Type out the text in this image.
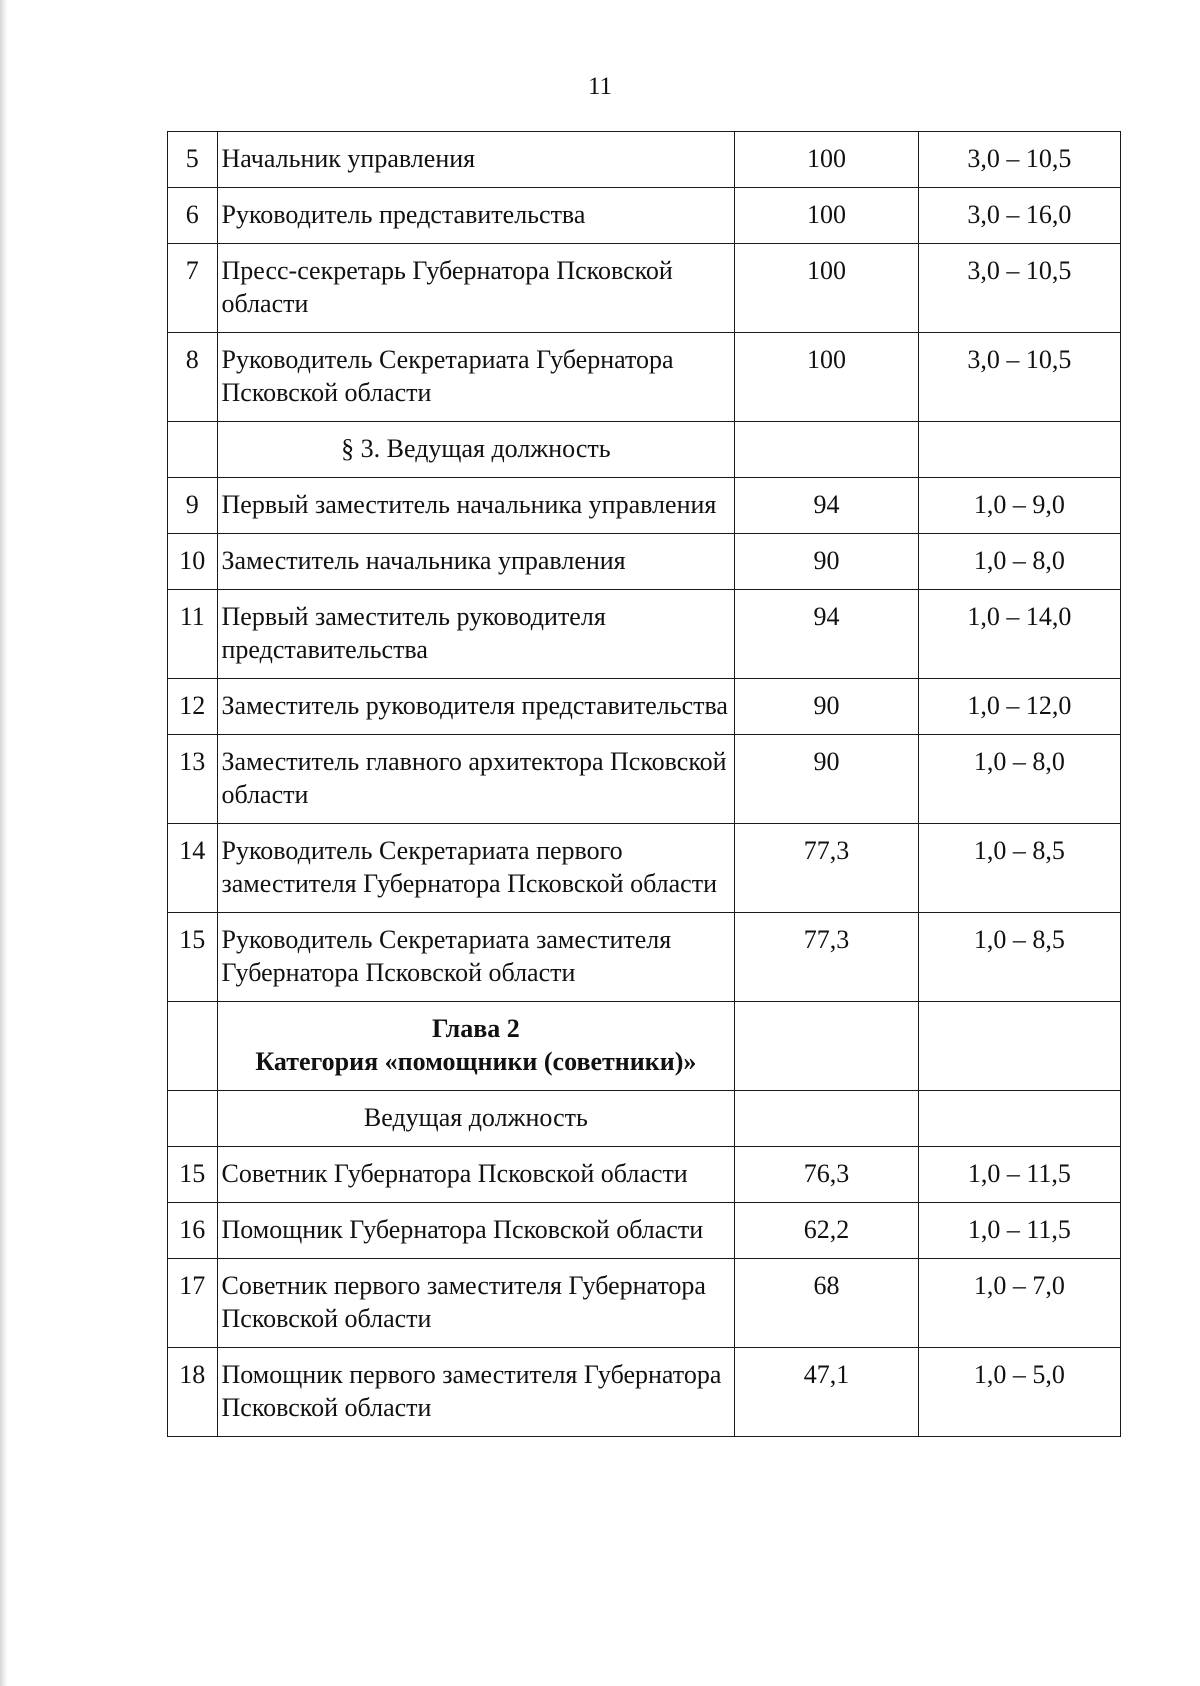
11
5	Начальник управления	100	3,0 – 10,5
6	Руководитель представительства	100	3,0 – 16,0
7	Пресс-секретарь Губернатора Псковской области	100	3,0 – 10,5
8	Руководитель Секретариата Губернатора Псковской области	100	3,0 – 10,5
	§ 3. Ведущая должность		
9	Первый заместитель начальника управления	94	1,0 – 9,0
10	Заместитель начальника управления	90	1,0 – 8,0
11	Первый заместитель руководителя представительства	94	1,0 – 14,0
12	Заместитель руководителя представительства	90	1,0 – 12,0
13	Заместитель главного архитектора Псковской области	90	1,0 – 8,0
14	Руководитель Секретариата первого заместителя Губернатора Псковской области	77,3	1,0 – 8,5
15	Руководитель Секретариата заместителя Губернатора Псковской области	77,3	1,0 – 8,5

	Глава 2
Категория «помощники (советники)»		

	Ведущая должность		
15	Советник Губернатора Псковской области	76,3	1,0 – 11,5
16	Помощник Губернатора Псковской области	62,2	1,0 – 11,5
17	Советник первого заместителя Губернатора Псковской области	68	1,0 – 7,0
18	Помощник первого заместителя Губернатора Псковской области	47,1	1,0 – 5,0
